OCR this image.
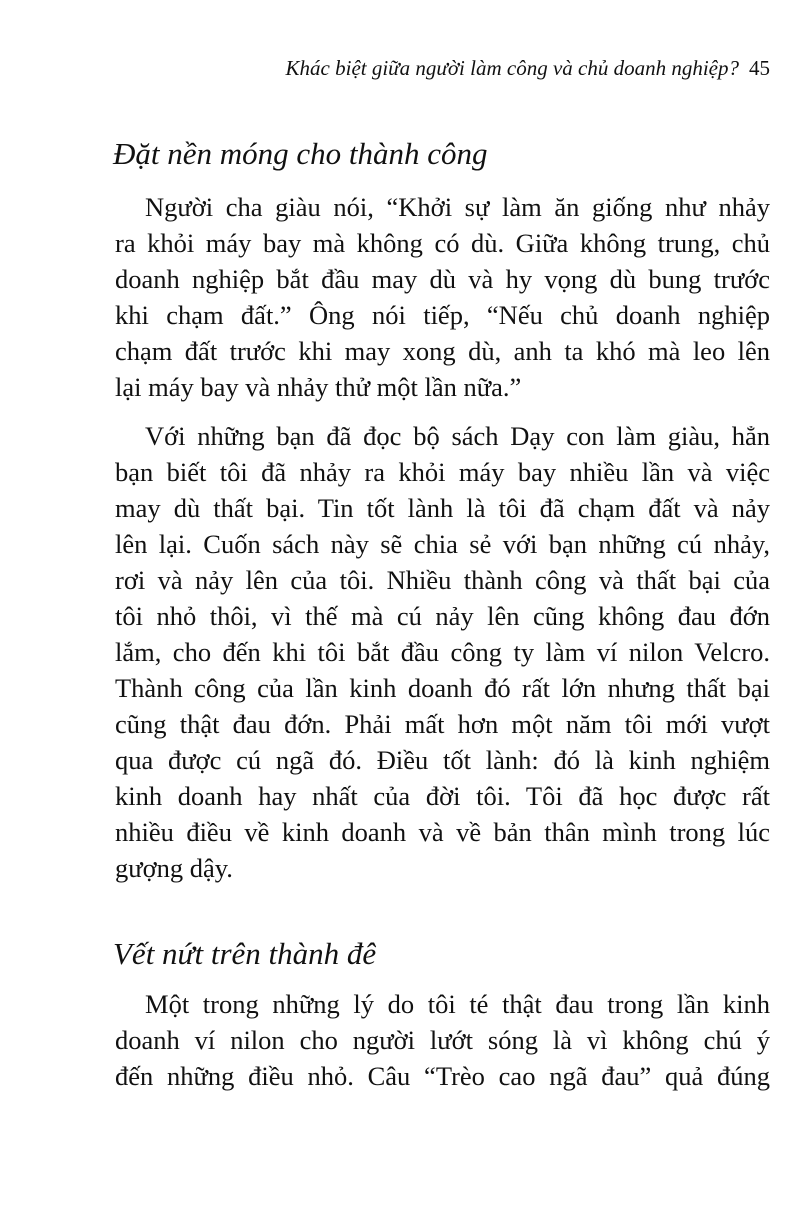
Khác biệt giữa người làm công và chủ doanh nghiệp? 45
Đặt nền móng cho thành công
Người cha giàu nói, “Khởi sự làm ăn giống như nhảy
ra khỏi máy bay mà không có dù. Giữa không trung, chủ
doanh nghiệp bắt đầu may dù và hy vọng dù bung trước
khi chạm đất.” Ông nói tiếp, “Nếu chủ doanh nghiệp
chạm đất trước khi may xong dù, anh ta khó mà leo lên
lại máy bay và nhảy thử một lần nữa.”
Với những bạn đã đọc bộ sách Dạy con làm giàu, hẳn
bạn biết tôi đã nhảy ra khỏi máy bay nhiều lần và việc
may dù thất bại. Tin tốt lành là tôi đã chạm đất và nảy
lên lại. Cuốn sách này sẽ chia sẻ với bạn những cú nhảy,
rơi và nảy lên của tôi. Nhiều thành công và thất bại của
tôi nhỏ thôi, vì thế mà cú nảy lên cũng không đau đớn
lắm, cho đến khi tôi bắt đầu công ty làm ví nilon Velcro.
Thành công của lần kinh doanh đó rất lớn nhưng thất bại
cũng thật đau đớn. Phải mất hơn một năm tôi mới vượt
qua được cú ngã đó. Điều tốt lành: đó là kinh nghiệm
kinh doanh hay nhất của đời tôi. Tôi đã học được rất
nhiều điều về kinh doanh và về bản thân mình trong lúc
gượng dậy.
Vết nứt trên thành đê
Một trong những lý do tôi té thật đau trong lần kinh
doanh ví nilon cho người lướt sóng là vì không chú ý
đến những điều nhỏ. Câu “Trèo cao ngã đau” quả đúng
